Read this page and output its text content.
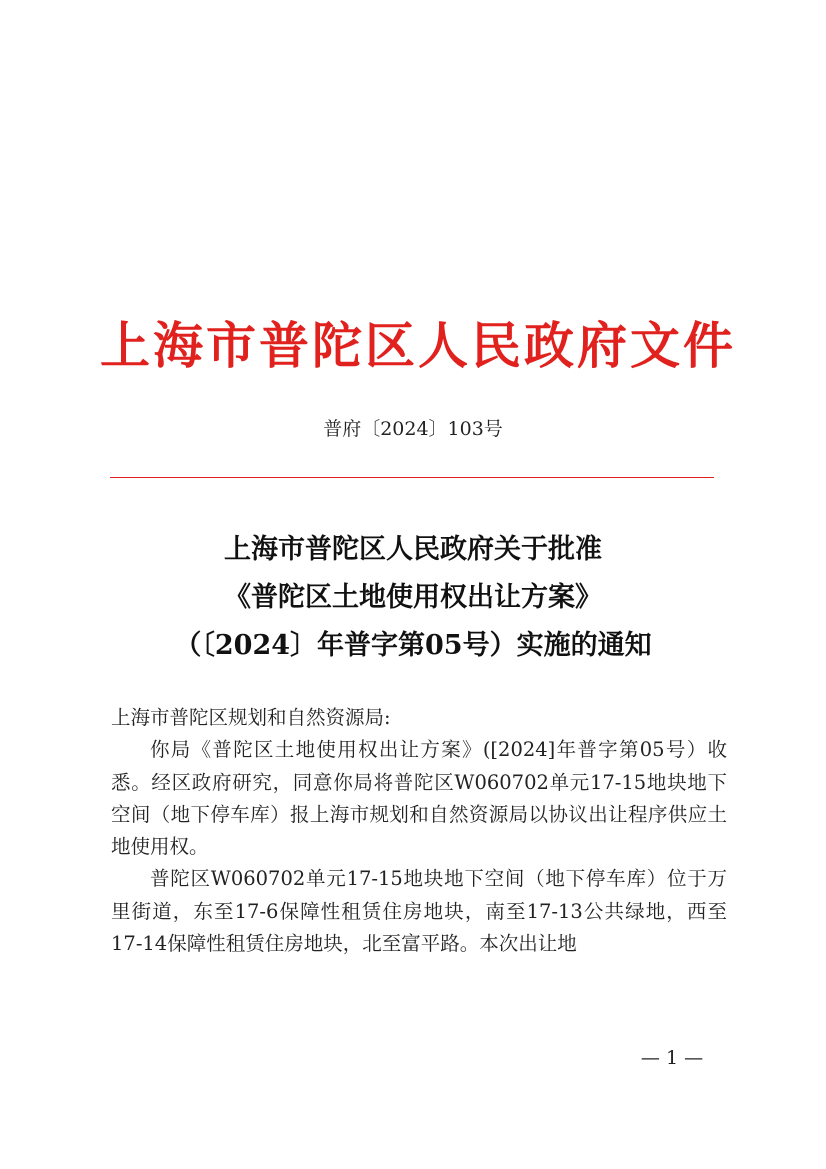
上海市普陀区人民政府文件
普府〔2024〕103号
上海市普陀区人民政府关于批准
《普陀区土地使用权出让方案》
（〔2024〕年普字第05号）实施的通知

上海市普陀区规划和自然资源局:

你局《普陀区土地使用权出让方案》([2024]年普字第05号）收悉。经区政府研究，同意你局将普陀区W060702单元17-15地块地下空间（地下停车库）报上海市规划和自然资源局以协议出让程序供应土地使用权。

普陀区W060702单元17-15地块地下空间（地下停车库）位于万里街道，东至17-6保障性租赁住房地块，南至17-13公共绿地，西至17-14保障性租赁住房地块，北至富平路。本次出让地

— 1 —
